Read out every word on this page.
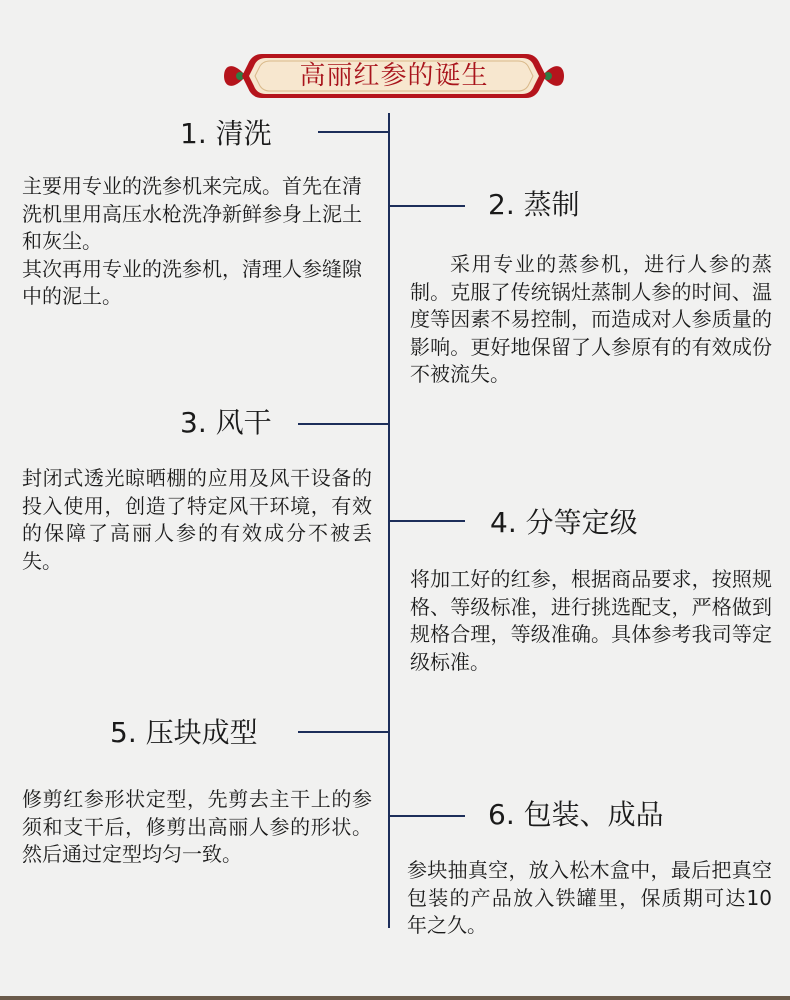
高丽红参的诞生
1. 清洗

主要用专业的洗参机来完成。首先在清洗机里用高压水枪洗净新鲜参身上泥土和灰尘。

其次再用专业的洗参机，清理人参缝隙中的泥土。

2. 蒸制

采用专业的蒸参机，进行人参的蒸制。克服了传统锅灶蒸制人参的时间、温度等因素不易控制，而造成对人参质量的影响。更好地保留了人参原有的有效成份不被流失。

3. 风干

封闭式透光晾晒棚的应用及风干设备的投入使用，创造了特定风干环境，有效的保障了高丽人参的有效成分不被丢失。

4. 分等定级

将加工好的红参，根据商品要求，按照规格、等级标准，进行挑选配支，严格做到规格合理，等级准确。具体参考我司等定级标准。

5. 压块成型

修剪红参形状定型，先剪去主干上的参须和支干后，修剪出高丽人参的形状。然后通过定型均匀一致。

6. 包装、成品

参块抽真空，放入松木盒中，最后把真空包装的产品放入铁罐里，保质期可达10年之久。
